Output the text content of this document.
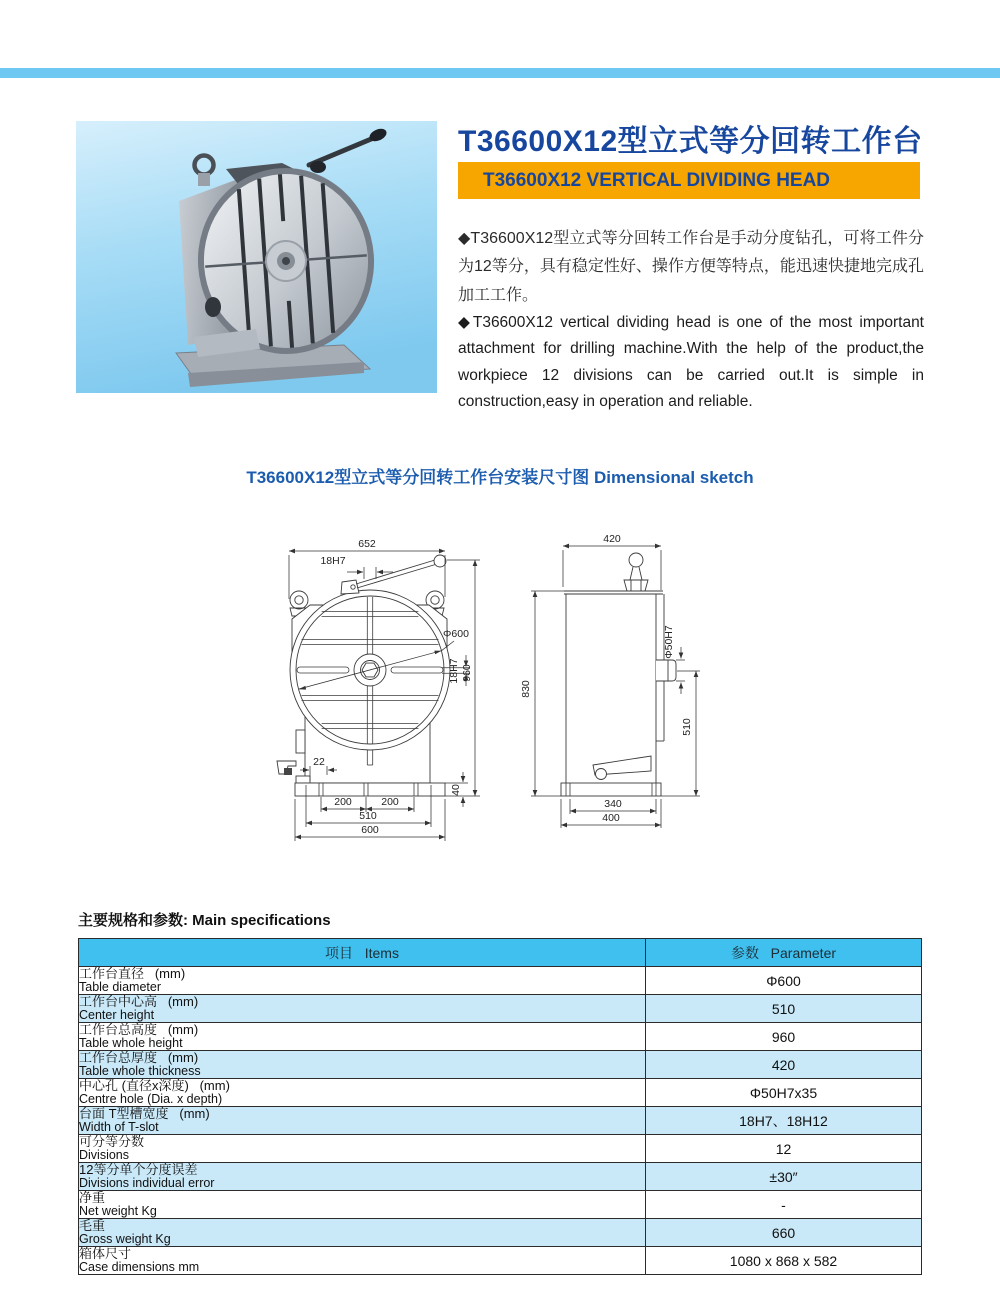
T36600X12型立式等分回转工作台
T36600X12 VERTICAL DIVIDING HEAD

◆T36600X12型立式等分回转工作台是手动分度钻孔，可将工件分为12等分，具有稳定性好、操作方便等特点，能迅速快捷地完成孔加工工作。

◆T36600X12 vertical dividing head is one of the most important attachment for drilling machine.With the help of the product,the workpiece 12 divisions can be carried out.It is simple in construction,easy in operation and reliable.

T36600X12型立式等分回转工作台安装尺寸图 Dimensional sketch
652
18H7
Φ600
18H7 960
22
200	200
510
600
40
420
Φ50H7
830
510
340
400
主要规格和参数: Main specifications
项目   Items	参数   Parameter

工作台直径   (mm)
Table diameter	Φ600

工作台中心高   (mm)
Center height	510

工作台总高度   (mm)
Table whole height	960

工作台总厚度   (mm)
Table whole thickness	420

中心孔 (直径x深度)   (mm)
Centre hole (Dia. x depth)	Φ50H7x35

台面 T型槽宽度   (mm)
Width of T-slot	18H7、18H12

可分等分数
Divisions	12

12等分单个分度误差
Divisions individual error	±30″

净重
Net weight Kg	-

毛重
Gross weight Kg	660

箱体尺寸
Case dimensions mm	1080 x 868 x 582
